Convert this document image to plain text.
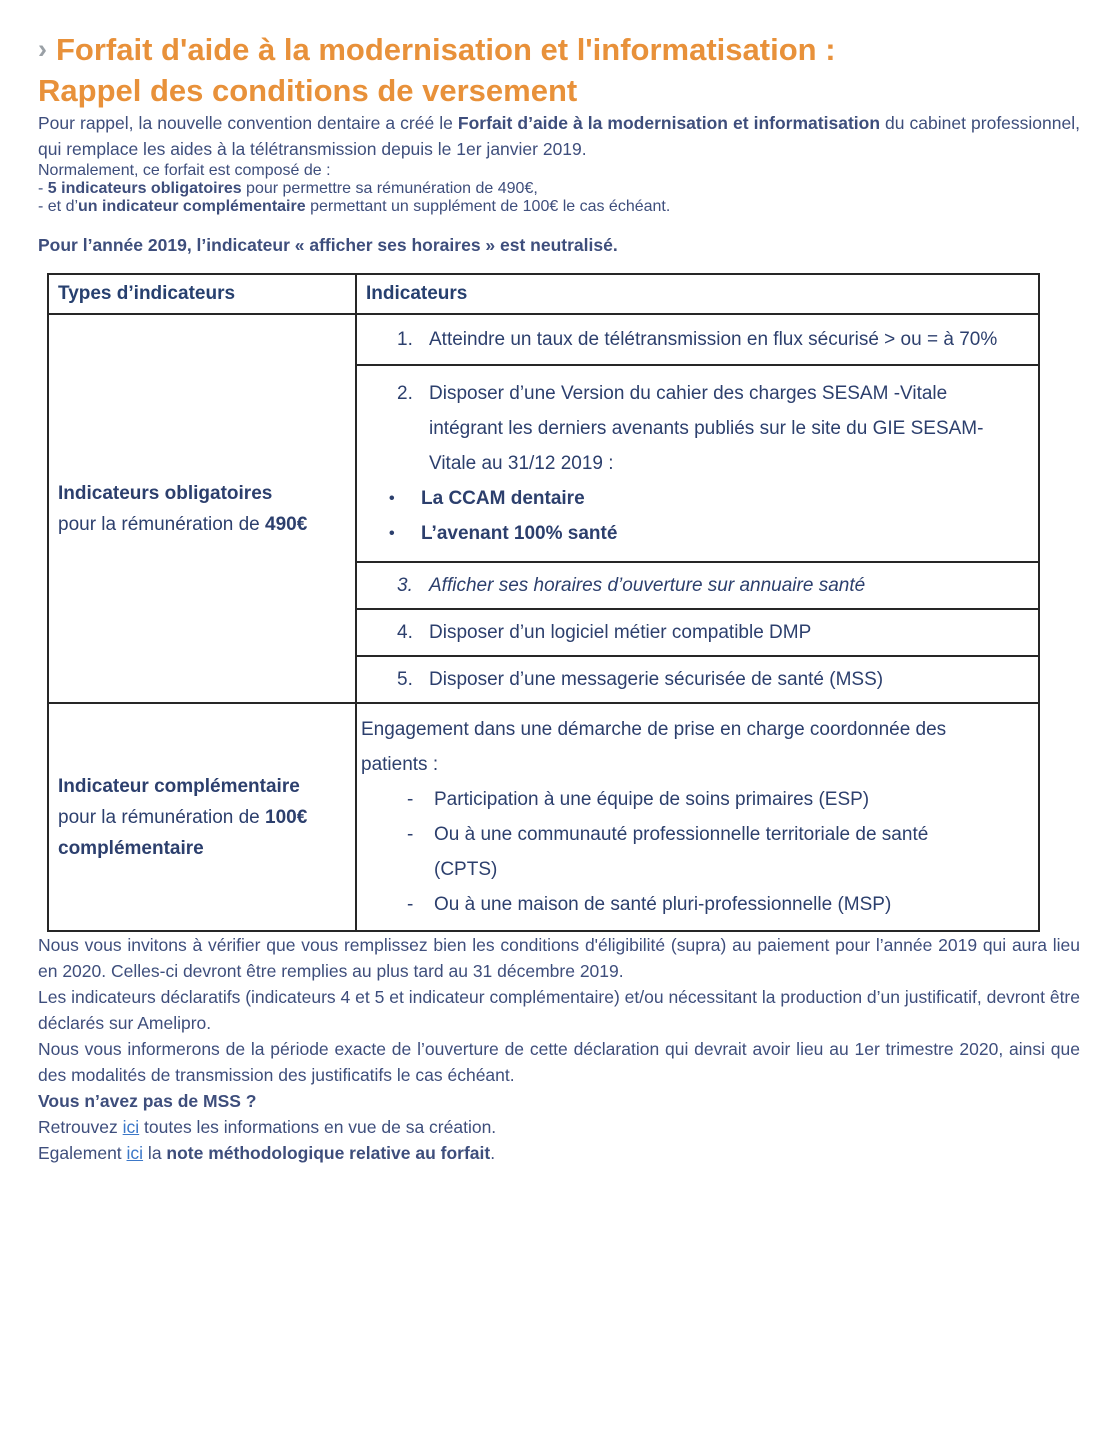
› Forfait d'aide à la modernisation et l'informatisation :
Rappel des conditions de versement

Pour rappel, la nouvelle convention dentaire a créé le Forfait d’aide à la modernisation et informatisation du cabinet professionnel, qui remplace les aides à la télétransmission depuis le 1er janvier 2019.

Normalement, ce forfait est composé de :
- 5 indicateurs obligatoires pour permettre sa rémunération de 490€,
- et d’un indicateur complémentaire permettant un supplément de 100€ le cas échéant.

Pour l’année 2019, l’indicateur « afficher ses horaires » est neutralisé.

Types d’indicateurs	Indicateurs

Indicateurs obligatoires
pour la rémunération de 490€

1. Atteindre un taux de télétransmission en flux sécurisé > ou = à 70%

2. Disposer d’une Version du cahier des charges SESAM -Vitale intégrant les derniers avenants publiés sur le site du GIE SESAM-Vitale au 31/12 2019 :
•	La CCAM dentaire
•	L’avenant 100% santé

	3. Afficher ses horaires d’ouverture sur annuaire santé

	4. Disposer d’un logiciel métier compatible DMP

	5. Disposer d’une messagerie sécurisée de santé (MSS)

Indicateur complémentaire
pour la rémunération de 100€
complémentaire

Engagement dans une démarche de prise en charge coordonnée des patients :
-	Participation à une équipe de soins primaires (ESP)
-	Ou à une communauté professionnelle territoriale de santé (CPTS)
-	Ou à une maison de santé pluri-professionnelle (MSP)

Nous vous invitons à vérifier que vous remplissez bien les conditions d'éligibilité (supra) au paiement pour l’année 2019 qui aura lieu en 2020. Celles-ci devront être remplies au plus tard au 31 décembre 2019.

Les indicateurs déclaratifs (indicateurs 4 et 5 et indicateur complémentaire) et/ou nécessitant la production d’un justificatif, devront être déclarés sur Amelipro.

Nous vous informerons de la période exacte de l’ouverture de cette déclaration qui devrait avoir lieu au 1er trimestre 2020, ainsi que des modalités de transmission des justificatifs le cas échéant.

Vous n’avez pas de MSS ?

Retrouvez ici toutes les informations en vue de sa création.

Egalement ici la note méthodologique relative au forfait.
